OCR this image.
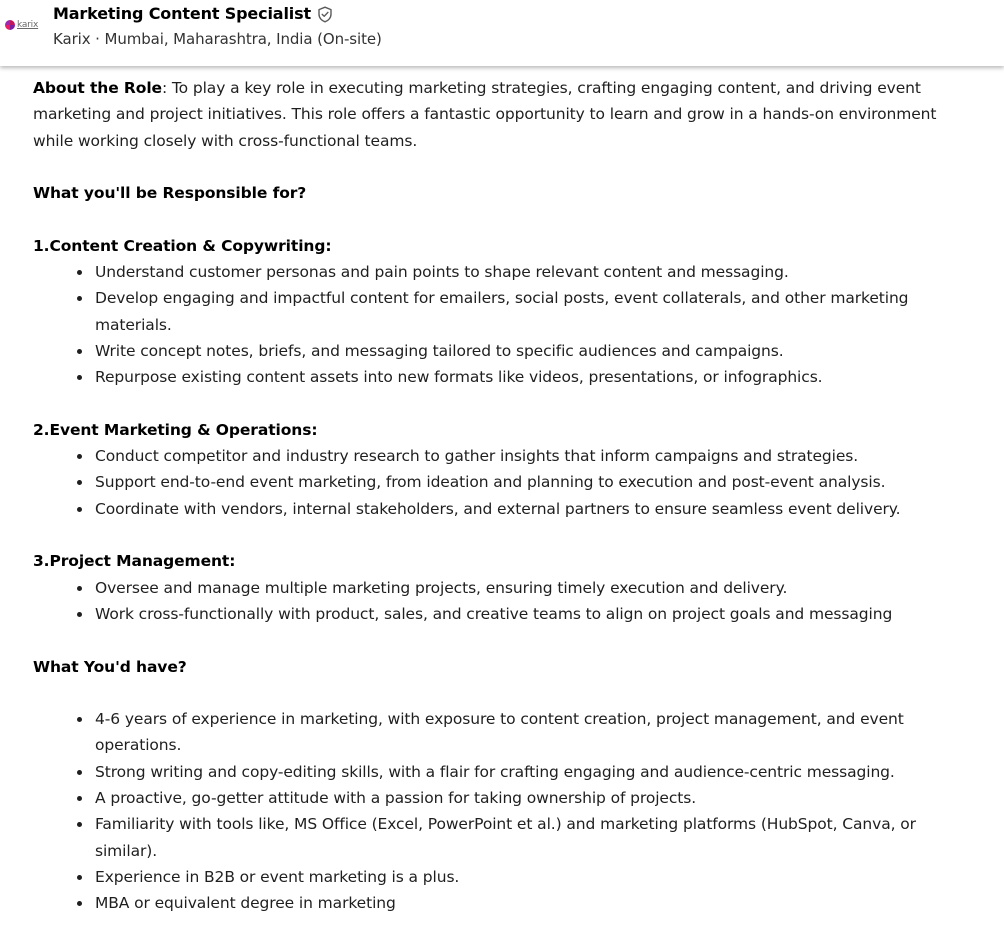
karix
Marketing Content Specialist
Karix · Mumbai, Maharashtra, India (On-site)

About the Role: To play a key role in executing marketing strategies, crafting engaging content, and driving event marketing and project initiatives. This role offers a fantastic opportunity to learn and grow in a hands-on environment while working closely with cross-functional teams.

What you'll be Responsible for?

1.Content Creation & Copywriting:

Understand customer personas and pain points to shape relevant content and messaging.
Develop engaging and impactful content for emailers, social posts, event collaterals, and other marketing materials.
Write concept notes, briefs, and messaging tailored to specific audiences and campaigns.
Repurpose existing content assets into new formats like videos, presentations, or infographics.

2.Event Marketing & Operations:

Conduct competitor and industry research to gather insights that inform campaigns and strategies.
Support end-to-end event marketing, from ideation and planning to execution and post-event analysis.
Coordinate with vendors, internal stakeholders, and external partners to ensure seamless event delivery.

3.Project Management:

Oversee and manage multiple marketing projects, ensuring timely execution and delivery.
Work cross-functionally with product, sales, and creative teams to align on project goals and messaging

What You'd have?

4-6 years of experience in marketing, with exposure to content creation, project management, and event operations.
Strong writing and copy-editing skills, with a flair for crafting engaging and audience-centric messaging.
A proactive, go-getter attitude with a passion for taking ownership of projects.
Familiarity with tools like, MS Office (Excel, PowerPoint et al.) and marketing platforms (HubSpot, Canva, or similar).
Experience in B2B or event marketing is a plus.
MBA or equivalent degree in marketing
